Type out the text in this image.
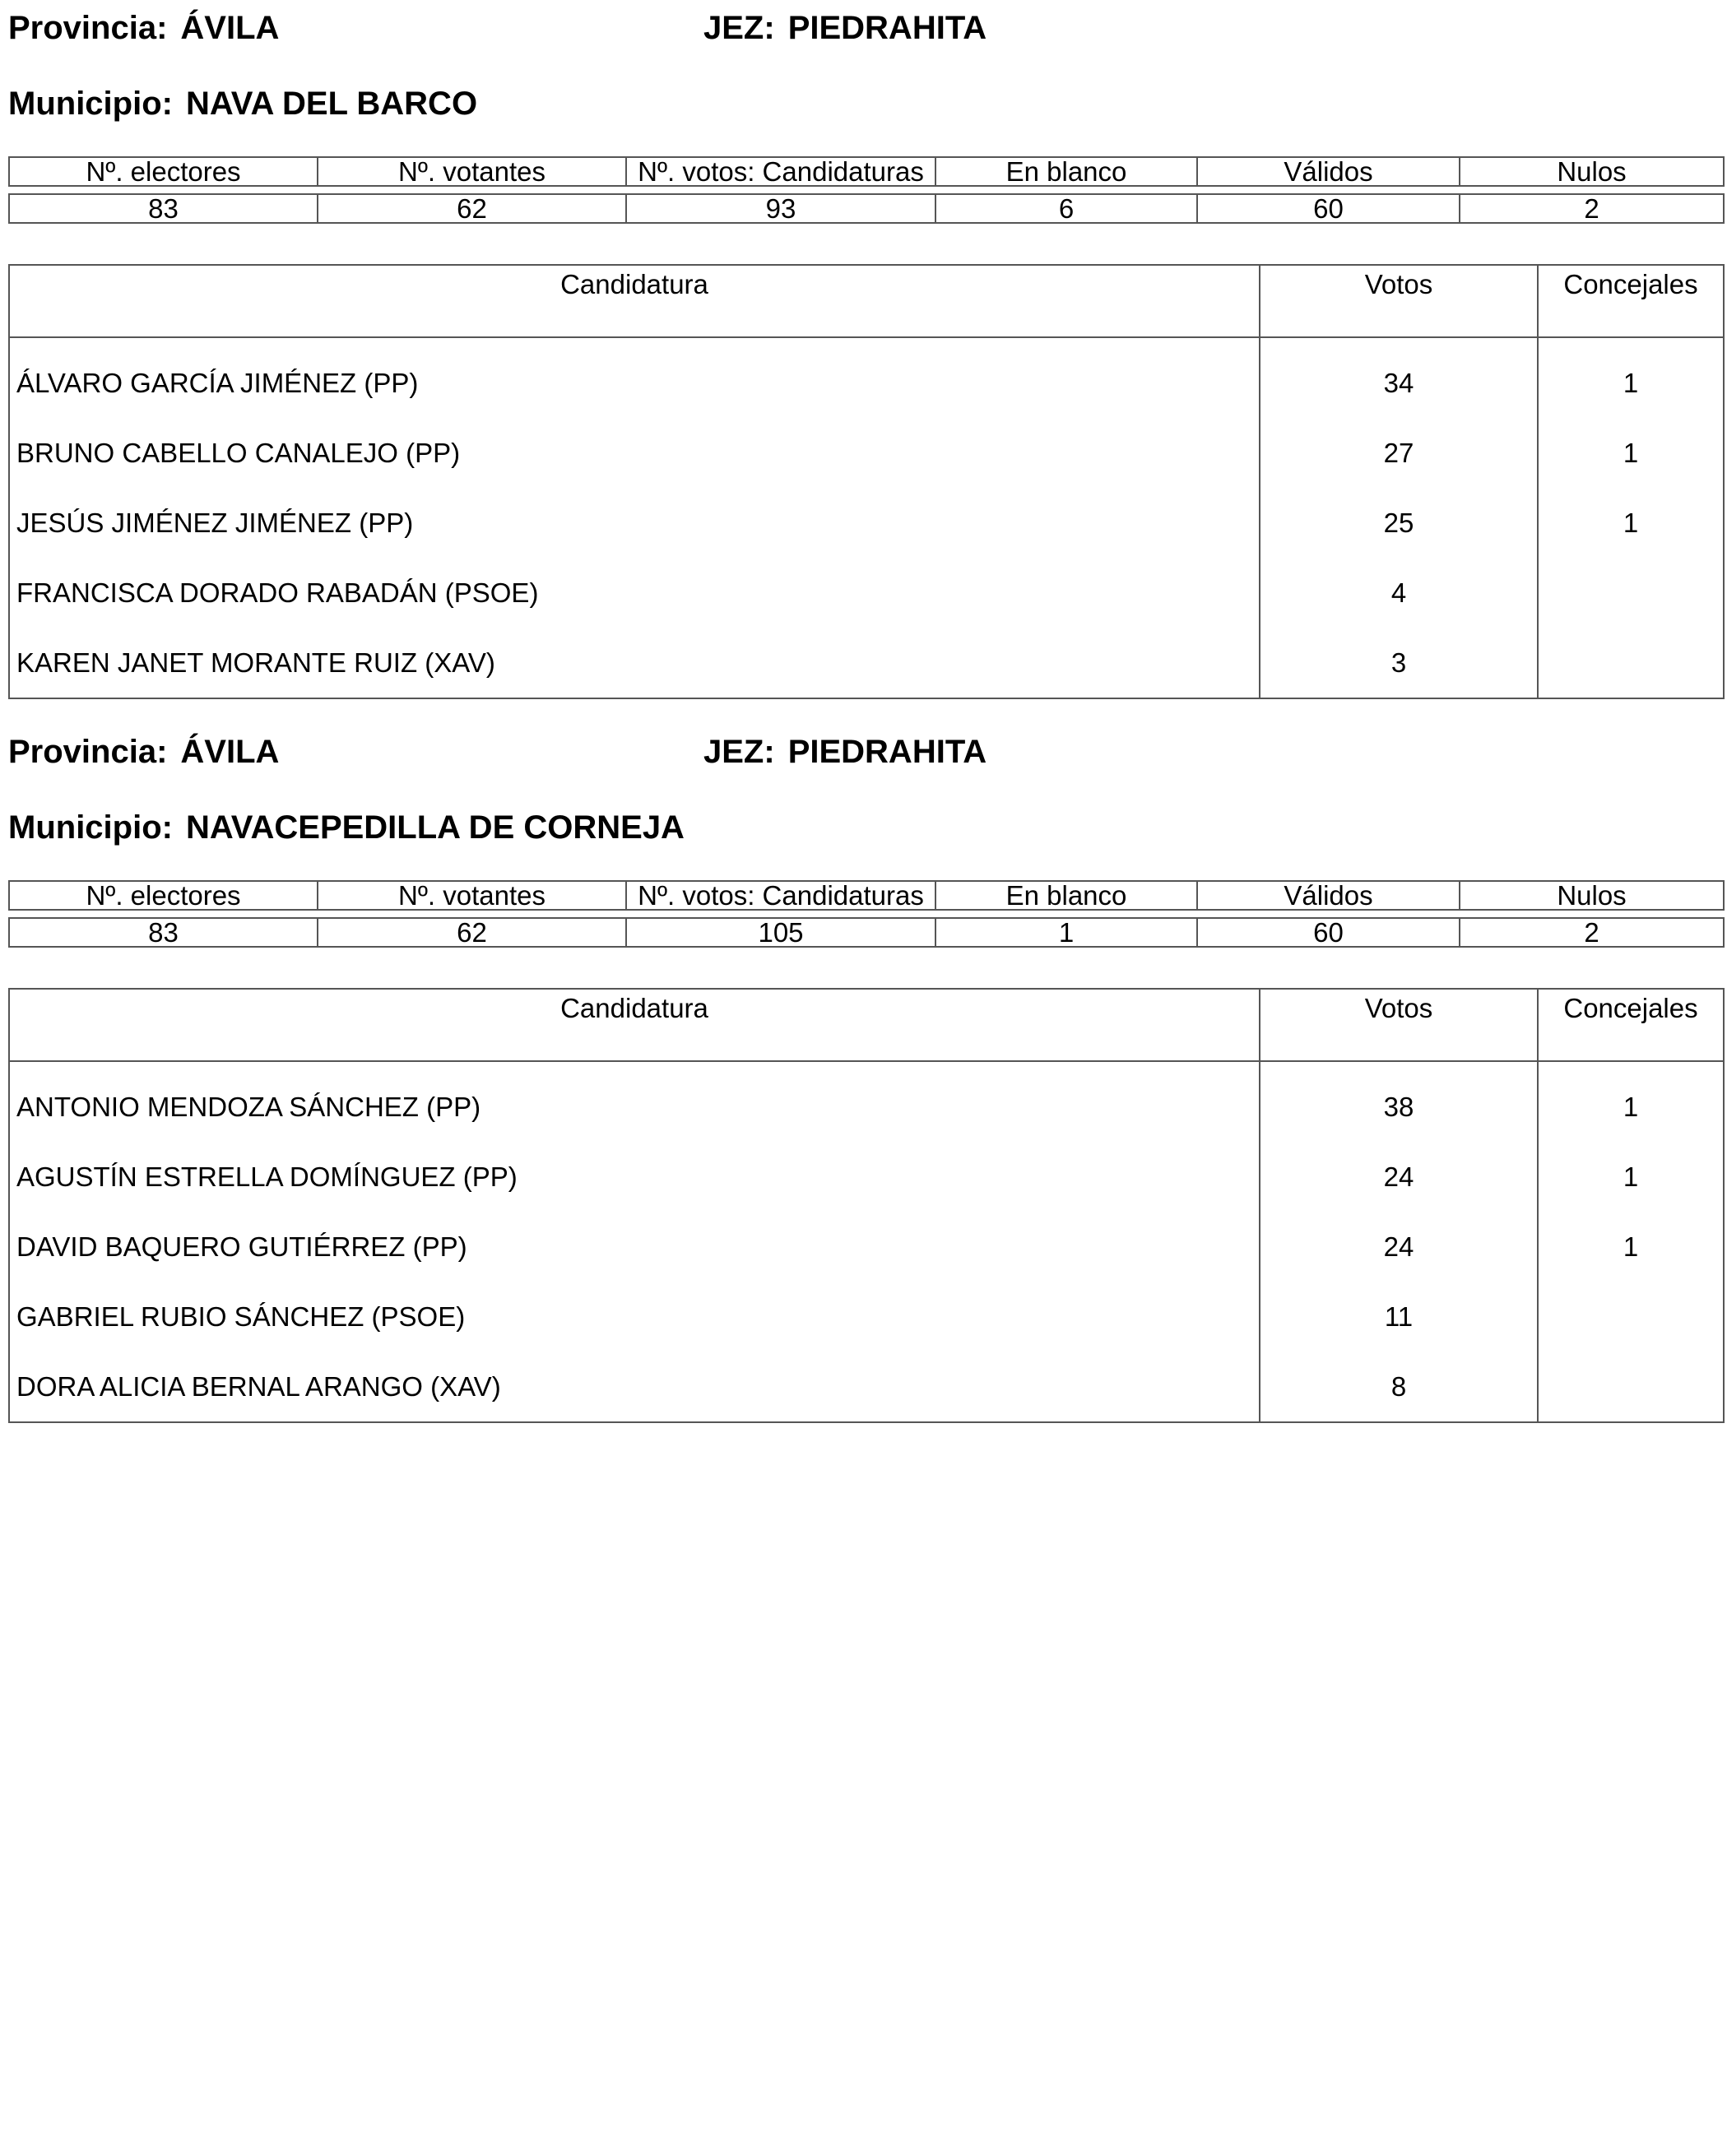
Provincia: ÁVILA	JEZ: PIEDRAHITA
Municipio: NAVA DEL BARCO
Nº. electores	Nº. votantes	Nº. votos: Candidaturas	En blanco	Válidos	Nulos

83	62	93	6	60	2
Candidatura	Votos	Concejales

ÁLVARO GARCÍA JIMÉNEZ (PP)	34	1
BRUNO CABELLO CANALEJO (PP)	27	1
JESÚS JIMÉNEZ JIMÉNEZ (PP)	25	1
FRANCISCA DORADO RABADÁN (PSOE)	4	
KAREN JANET MORANTE RUIZ (XAV)	3	
Provincia: ÁVILA	JEZ: PIEDRAHITA
Municipio: NAVACEPEDILLA DE CORNEJA
Nº. electores	Nº. votantes	Nº. votos: Candidaturas	En blanco	Válidos	Nulos

83	62	105	1	60	2
Candidatura	Votos	Concejales

ANTONIO MENDOZA SÁNCHEZ (PP)	38	1
AGUSTÍN ESTRELLA DOMÍNGUEZ (PP)	24	1
DAVID BAQUERO GUTIÉRREZ (PP)	24	1
GABRIEL RUBIO SÁNCHEZ (PSOE)	11	
DORA ALICIA BERNAL ARANGO (XAV)	8	
